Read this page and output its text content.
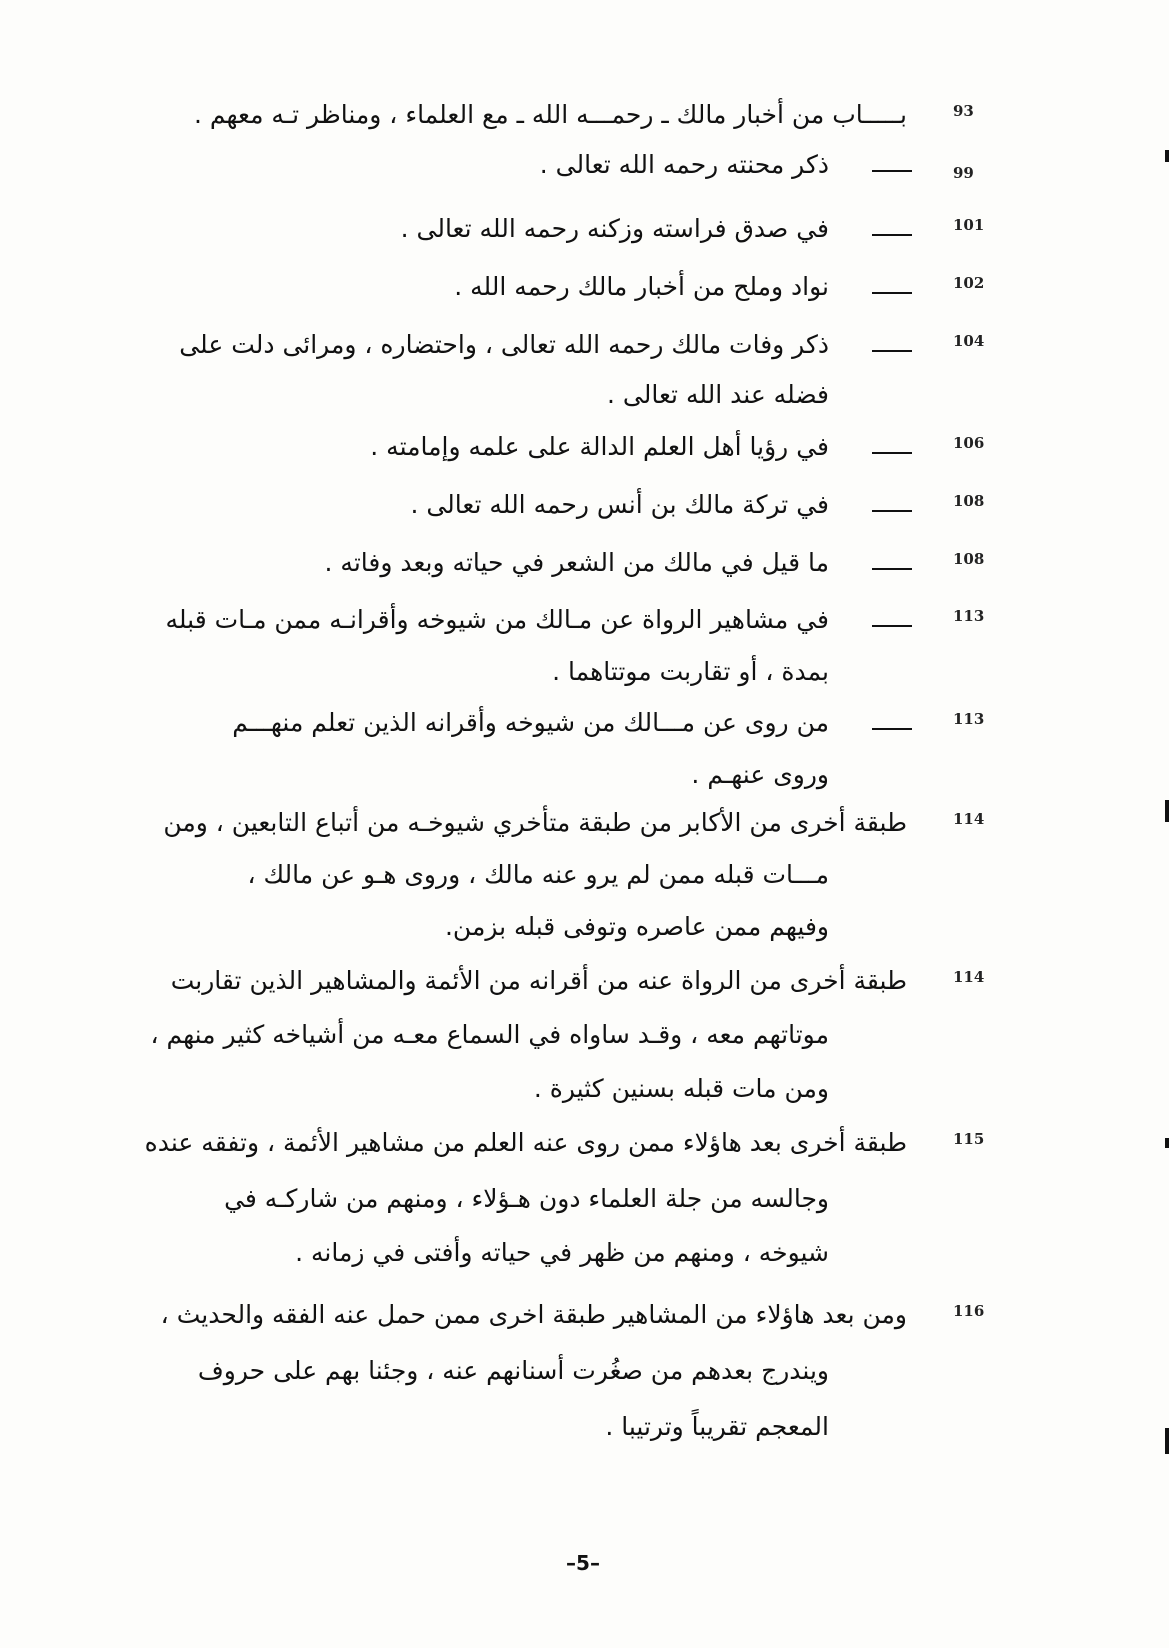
93
بـــــاب من أخبار مالك ـ رحمـــه الله ـ مع العلماء ، ومناظر تـه معهم .
99
ذكر محنته رحمه الله تعالى .
101
في صدق فراسته وزكنه رحمه الله تعالى .
102
نواد وملح من أخبار مالك رحمه الله .
104
ذكر وفات مالك رحمه الله تعالى ، واحتضاره ، ومرائى دلت على
فضله عند الله تعالى .
106
في رؤيا أهل العلم الدالة على علمه وإمامته .
108
في تركة مالك بن أنس رحمه الله تعالى .
108
ما قيل في مالك من الشعر في حياته وبعد وفاته .
113
في مشاهير الرواة عن مـالك من شيوخه وأقرانـه ممن مـات قبله
بمدة ، أو تقاربت موتتاهما .
113
من روى عن مـــالك من شيوخه وأقرانه الذين تعلم منهـــم
وروى عنهـم .
114
طبقة أخرى من الأكابر من طبقة متأخري شيوخـه من أتباع التابعين ، ومن
مـــات قبله ممن لم يرو عنه مالك ، وروى هـو عن مالك ،
وفيهم ممن عاصره وتوفى قبله بزمن.
114
طبقة أخرى من الرواة عنه من أقرانه من الأئمة والمشاهير الذين تقاربت
موتاتهم معه ، وقـد ساواه في السماع معـه من أشياخه كثير منهم ،
ومن مات قبله بسنين كثيرة .
115
طبقة أخرى بعد هاؤلاء ممن روى عنه العلم من مشاهير الأئمة ، وتفقه عنده
وجالسه من جلة العلماء دون هـؤلاء ، ومنهم من شاركـه في
شيوخه ، ومنهم من ظهر في حياته وأفتى في زمانه .
116
ومن بعد هاؤلاء من المشاهير طبقة اخرى ممن حمل عنه الفقه والحديث ،
ويندرج بعدهم من صغُرت أسنانهم عنه ، وجئنا بهم على حروف
المعجم تقريباً وترتيبا .
–5–
